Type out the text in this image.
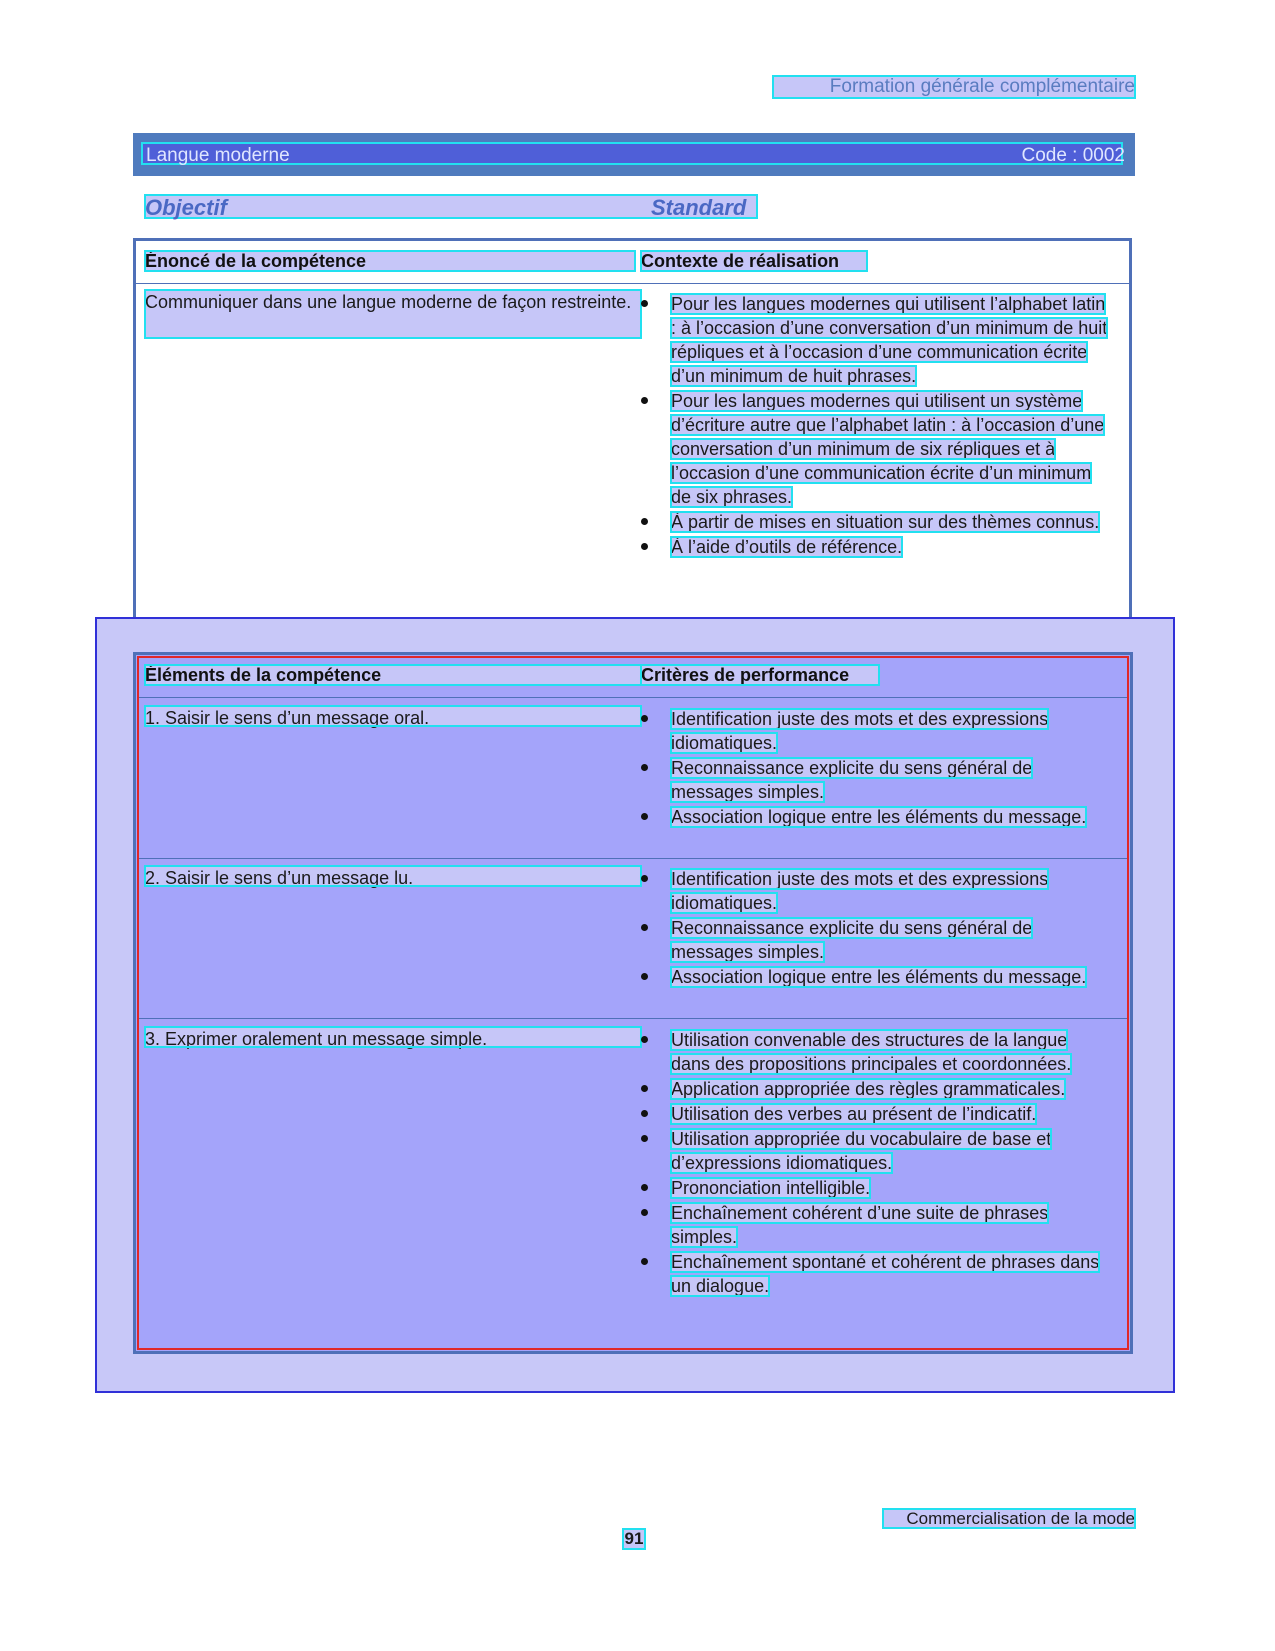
Formation générale complémentaire
Langue moderne	Code : 0002
Objectif	Standard
Énoncé de la compétence	Contexte de réalisation
Communiquer dans une langue moderne de façon restreinte.	Pour les langues modernes qui utilisent l’alphabet latin : à l’occasion d’une conversation d’un minimum de huit répliques et à l’occasion d’une communication écrite d’un minimum de huit phrases.
Pour les langues modernes qui utilisent un système d’écriture autre que l’alphabet latin : à l’occasion d’une conversation d’un minimum de six répliques et à l’occasion d’une communication écrite d’un minimum de six phrases.
À partir de mises en situation sur des thèmes connus.
À l’aide d’outils de référence.
Éléments de la compétence	Critères de performance
1. Saisir le sens d’un message oral.	Identification juste des mots et des expressions idiomatiques.
Reconnaissance explicite du sens général de messages simples.
Association logique entre les éléments du message.
2. Saisir le sens d’un message lu.	Identification juste des mots et des expressions idiomatiques.
Reconnaissance explicite du sens général de messages simples.
Association logique entre les éléments du message.
3. Exprimer oralement un message simple.	Utilisation convenable des structures de la langue dans des propositions principales et coordonnées.
Application appropriée des règles grammaticales.
Utilisation des verbes au présent de l’indicatif.
Utilisation appropriée du vocabulaire de base et d’expressions idiomatiques.
Prononciation intelligible.
Enchaînement cohérent d’une suite de phrases simples.
Enchaînement spontané et cohérent de phrases dans un dialogue.
Commercialisation de la mode
91
